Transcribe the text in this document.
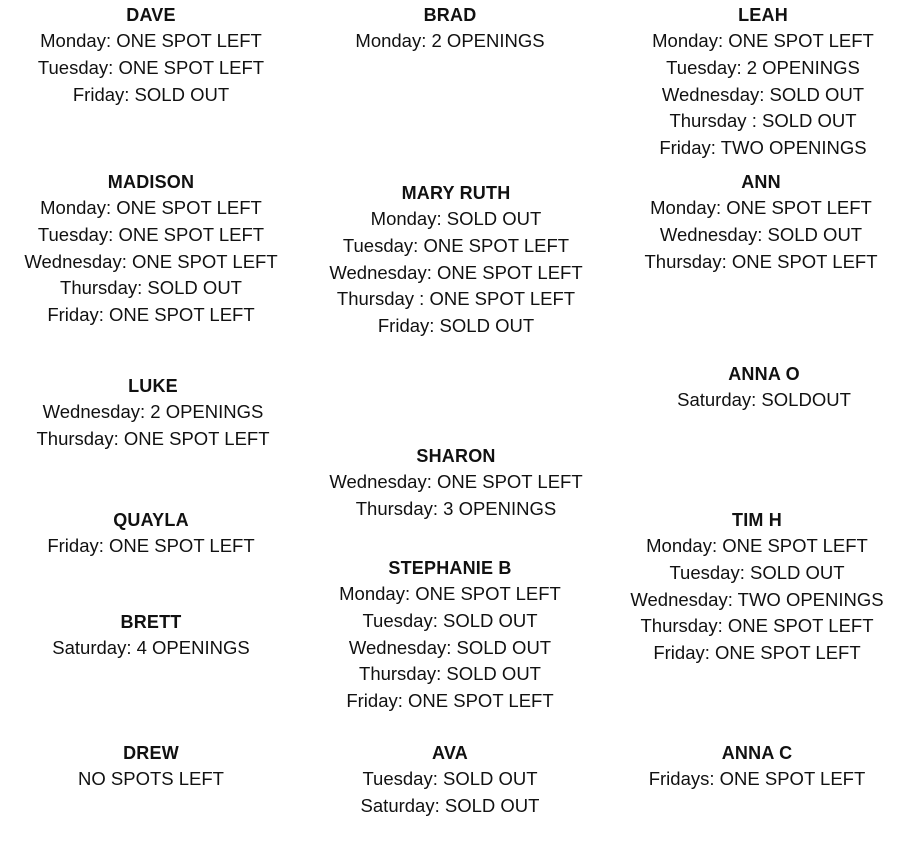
DAVE
Monday: ONE SPOT LEFT
Tuesday: ONE SPOT LEFT
Friday: SOLD OUT
BRAD
Monday: 2 OPENINGS
LEAH
Monday: ONE SPOT LEFT
Tuesday: 2 OPENINGS
Wednesday: SOLD OUT
Thursday : SOLD OUT
Friday: TWO OPENINGS
MADISON
Monday: ONE SPOT LEFT
Tuesday: ONE SPOT LEFT
Wednesday: ONE SPOT LEFT
Thursday: SOLD OUT
Friday: ONE SPOT LEFT
MARY RUTH
Monday: SOLD OUT
Tuesday: ONE SPOT LEFT
Wednesday: ONE SPOT LEFT
Thursday : ONE SPOT LEFT
Friday: SOLD OUT
ANN
Monday: ONE SPOT LEFT
Wednesday: SOLD OUT
Thursday: ONE SPOT LEFT
LUKE
Wednesday: 2 OPENINGS
Thursday: ONE SPOT LEFT
ANNA O
Saturday: SOLDOUT
SHARON
Wednesday: ONE SPOT LEFT
Thursday: 3 OPENINGS
QUAYLA
Friday: ONE SPOT LEFT
TIM H
Monday: ONE SPOT LEFT
Tuesday: SOLD OUT
Wednesday: TWO OPENINGS
Thursday: ONE SPOT LEFT
Friday: ONE SPOT LEFT
STEPHANIE B
Monday: ONE SPOT LEFT
Tuesday: SOLD OUT
Wednesday: SOLD OUT
Thursday: SOLD OUT
Friday: ONE SPOT LEFT
BRETT
Saturday: 4 OPENINGS
DREW
NO SPOTS LEFT
AVA
Tuesday: SOLD OUT
Saturday: SOLD OUT
ANNA C
Fridays: ONE SPOT LEFT
